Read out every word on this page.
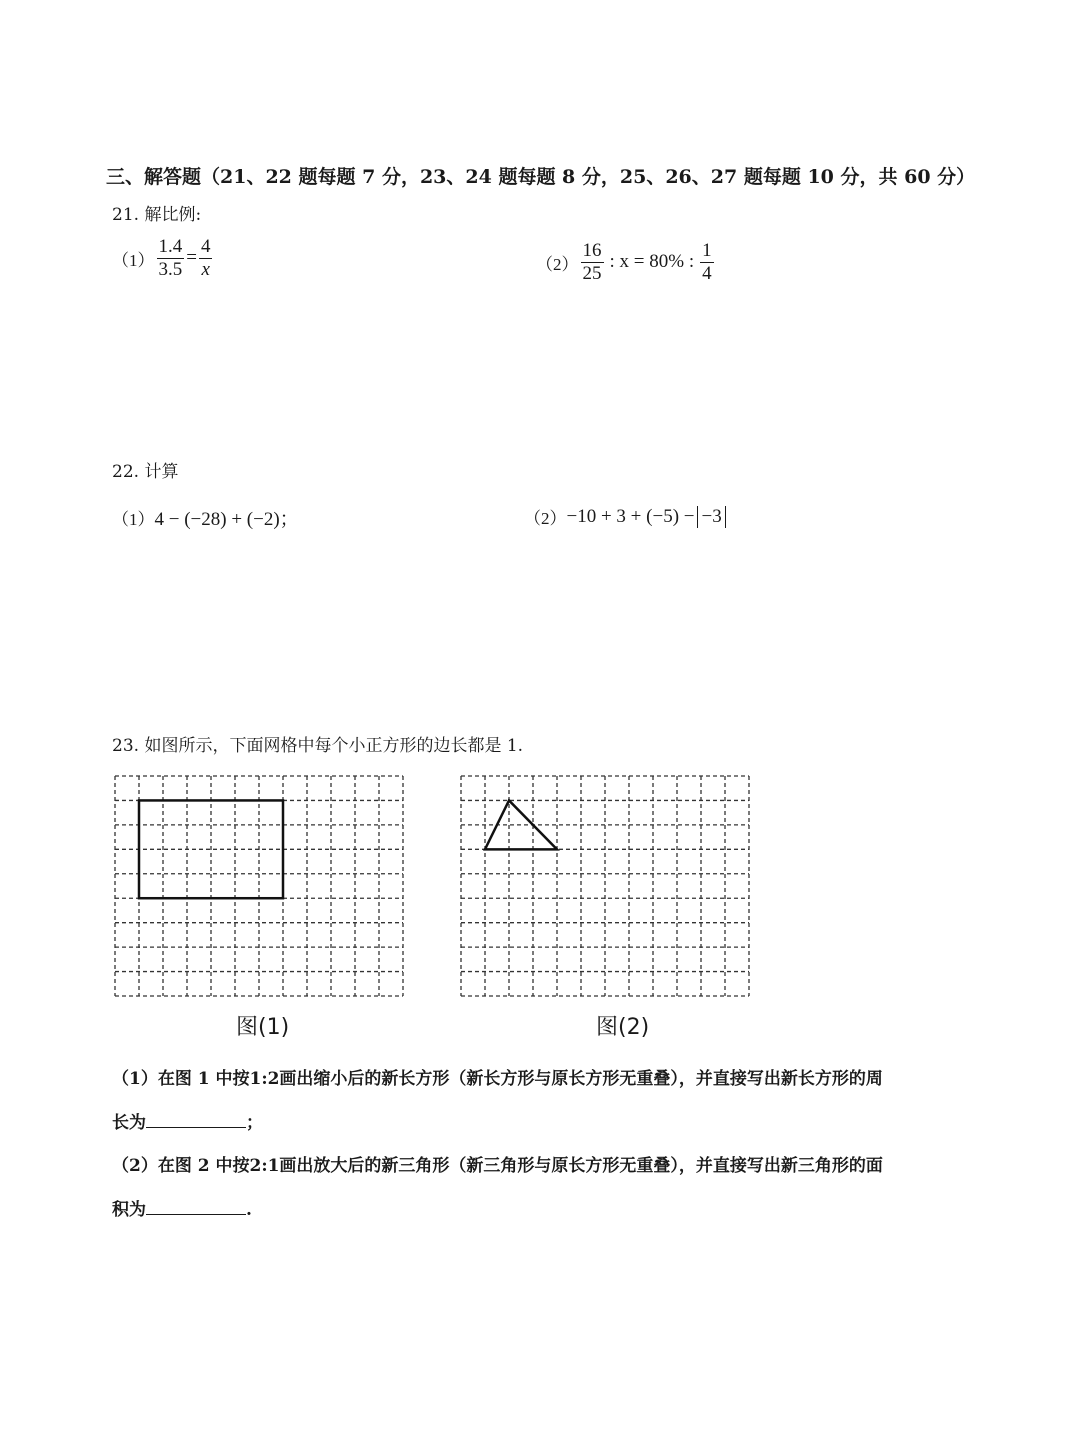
三、解答题（21、22 题每题 7 分，23、24 题每题 8 分，25、26、27 题每题 10 分，共 60 分）
21. 解比例:
$(1) \frac{1.4}{3.5} = \frac{4}{x}$	$(2) \frac{16}{25}$ : x = 80% : $\frac{1}{4}$
22. 计算
（1） 4 − (−28) + (−2)；	（2） −10 + 3 + (−5) − −3
23. 如图所示，下面网格中每个小正方形的边长都是 1.
图(1)	图(2)
（1）在图 1 中按1:2画出缩小后的新长方形（新长方形与原长方形无重叠），并直接写出新长方形的周
长为	；
（2）在图 2 中按2:1画出放大后的新三角形（新三角形与原长方形无重叠），并直接写出新三角形的面
积为	.
